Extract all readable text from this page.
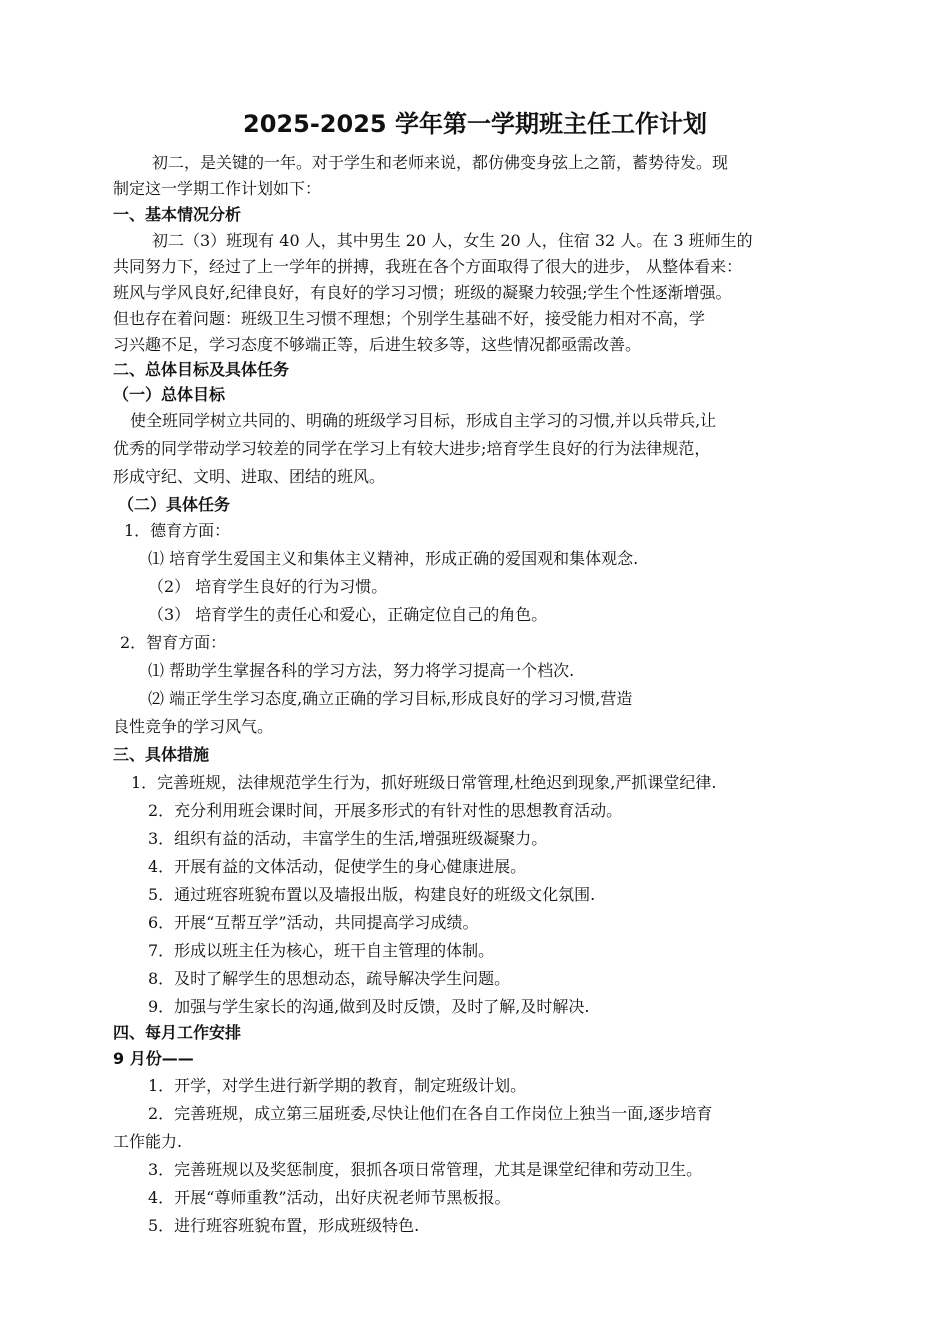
2025-2025 学年第一学期班主任工作计划

初二，是关键的一年。对于学生和老师来说，都仿佛变身弦上之箭，蓄势待发。现

制定这一学期工作计划如下：

一、基本情况分析

初二（3）班现有 40 人，其中男生 20 人，女生 20 人，住宿 32 人。在 3 班师生的

共同努力下，经过了上一学年的拼搏，我班在各个方面取得了很大的进步， 从整体看来：

班风与学风良好,纪律良好，有良好的学习习惯；班级的凝聚力较强;学生个性逐渐增强。

但也存在着问题：班级卫生习惯不理想；个别学生基础不好，接受能力相对不高，学

习兴趣不足，学习态度不够端正等，后进生较多等，这些情况都亟需改善。

二、总体目标及具体任务

（一）总体目标

使全班同学树立共同的、明确的班级学习目标，形成自主学习的习惯,并以兵带兵,让

优秀的同学带动学习较差的同学在学习上有较大进步;培育学生良好的行为法律规范，

形成守纪、文明、进取、团结的班风。

（二）具体任务

1．德育方面：

⑴ 培育学生爱国主义和集体主义精神，形成正确的爱国观和集体观念.

（2） 培育学生良好的行为习惯。

（3） 培育学生的责任心和爱心，正确定位自己的角色。

2．智育方面：

⑴ 帮助学生掌握各科的学习方法，努力将学习提高一个档次.

⑵ 端正学生学习态度,确立正确的学习目标,形成良好的学习习惯,营造

良性竞争的学习风气。

三、具体措施

1．完善班规，法律规范学生行为，抓好班级日常管理,杜绝迟到现象,严抓课堂纪律.

2．充分利用班会课时间，开展多形式的有针对性的思想教育活动。

3．组织有益的活动，丰富学生的生活,增强班级凝聚力。

4．开展有益的文体活动，促使学生的身心健康进展。

5．通过班容班貌布置以及墙报出版，构建良好的班级文化氛围.

6．开展“互帮互学”活动，共同提高学习成绩。

7．形成以班主任为核心，班干自主管理的体制。

8．及时了解学生的思想动态，疏导解决学生问题。

9．加强与学生家长的沟通,做到及时反馈，及时了解,及时解决.

四、每月工作安排

9 月份——

1．开学，对学生进行新学期的教育，制定班级计划。

2．完善班规，成立第三届班委,尽快让他们在各自工作岗位上独当一面,逐步培育

工作能力.

3．完善班规以及奖惩制度，狠抓各项日常管理，尤其是课堂纪律和劳动卫生。

4．开展“尊师重教”活动，出好庆祝老师节黑板报。

5．进行班容班貌布置，形成班级特色.
